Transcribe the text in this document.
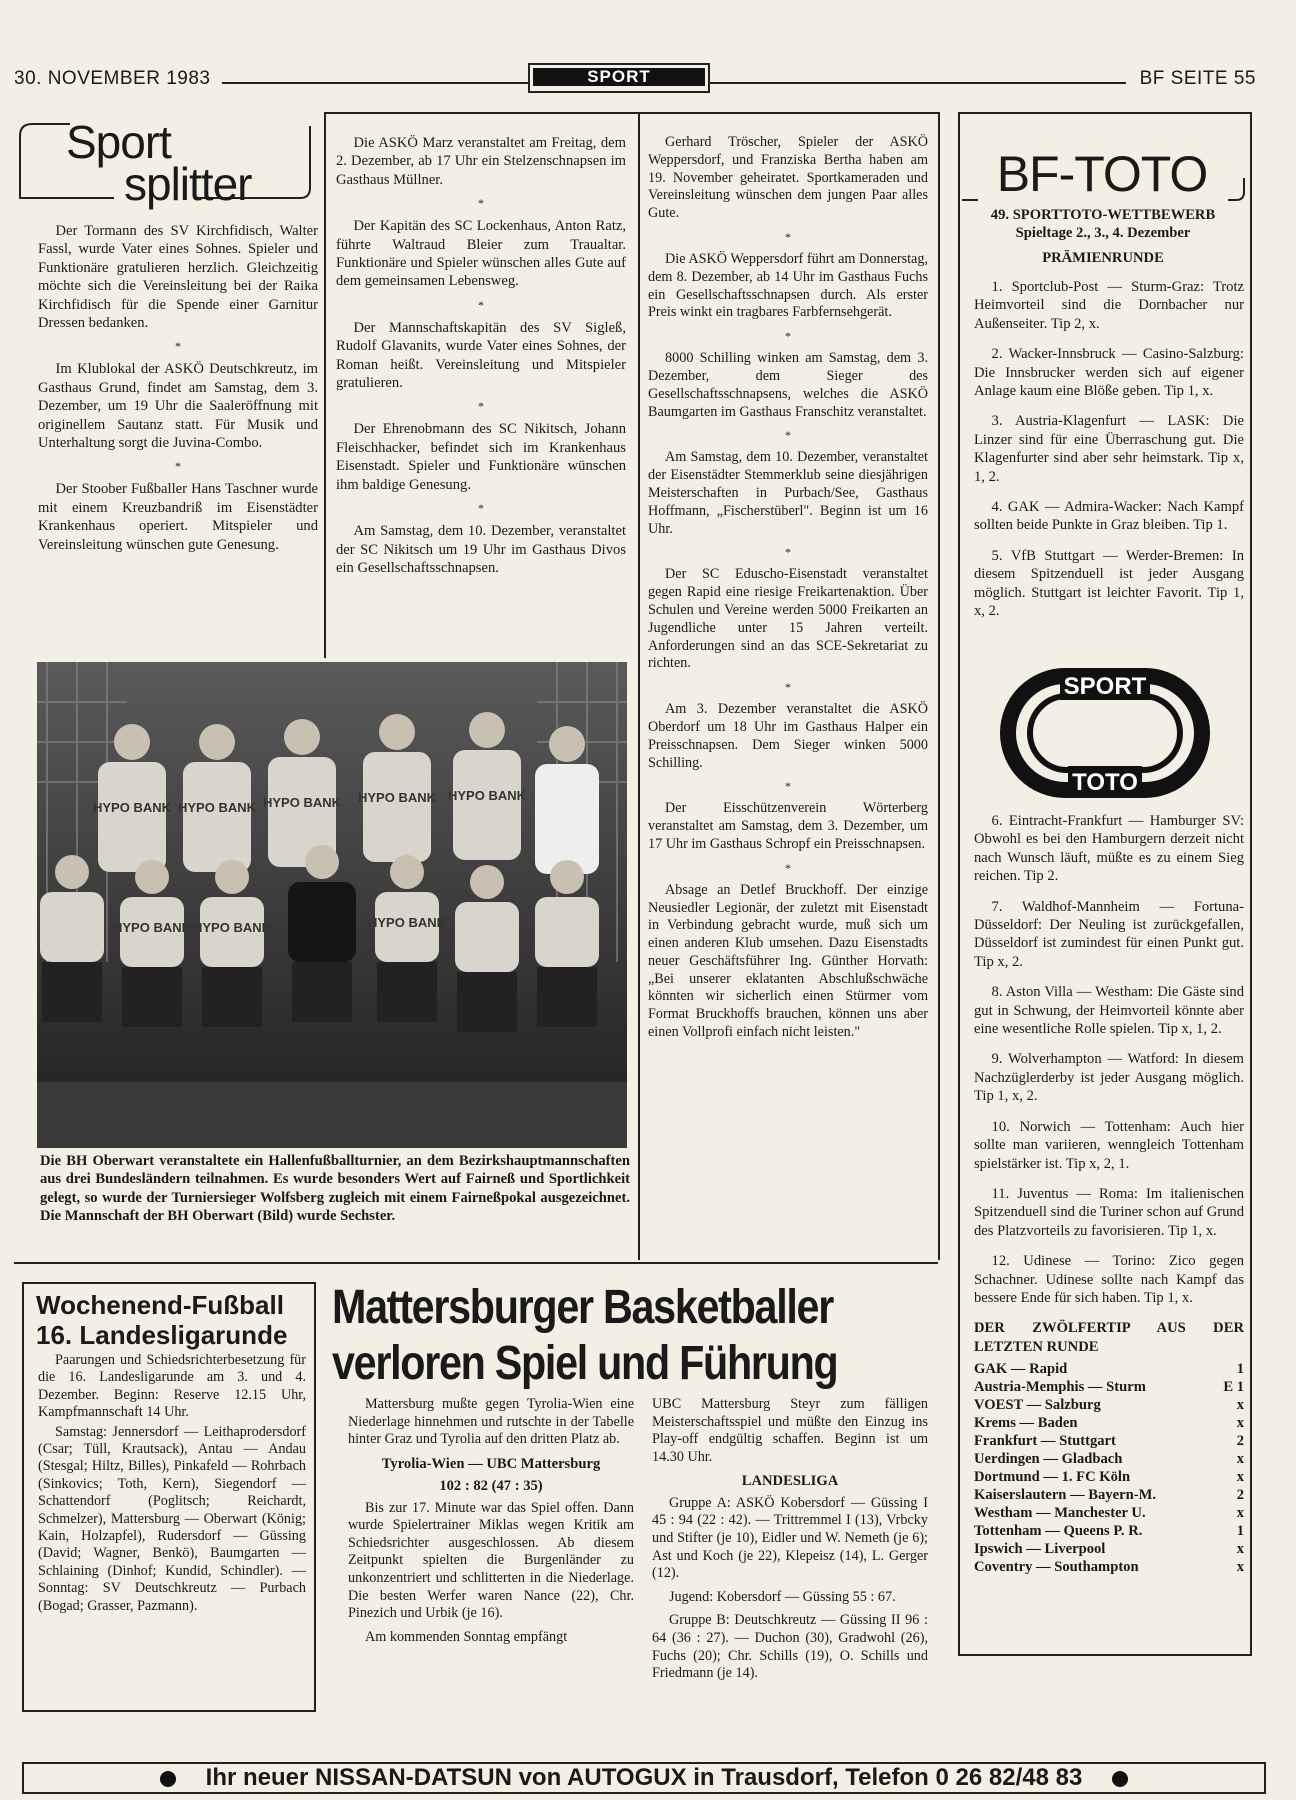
30. NOVEMBER 1983	SPORT	BF SEITE 55
Sport
splitter

Der Tormann des SV Kirchfidisch, Walter Fassl, wurde Vater eines Sohnes. Spieler und Funktionäre gratulieren herzlich. Gleichzeitig möchte sich die Vereinsleitung bei der Raika Kirchfidisch für die Spende einer Garnitur Dressen bedanken.

*

Im Klublokal der ASKÖ Deutschkreutz, im Gasthaus Grund, findet am Samstag, dem 3. Dezember, um 19 Uhr die Saaleröffnung mit originellem Sautanz statt. Für Musik und Unterhaltung sorgt die Juvina-Combo.

*

Der Stoober Fußballer Hans Taschner wurde mit einem Kreuzbandriß im Eisenstädter Krankenhaus operiert. Mitspieler und Vereinsleitung wünschen gute Genesung.

Die ASKÖ Marz veranstaltet am Freitag, dem 2. Dezember, ab 17 Uhr ein Stelzenschnapsen im Gasthaus Müllner.

*

Der Kapitän des SC Lockenhaus, Anton Ratz, führte Waltraud Bleier zum Traualtar. Funktionäre und Spieler wünschen alles Gute auf dem gemeinsamen Lebensweg.

*

Der Mannschaftskapitän des SV Sigleß, Rudolf Glavanits, wurde Vater eines Sohnes, der Roman heißt. Vereinsleitung und Mitspieler gratulieren.

*

Der Ehrenobmann des SC Nikitsch, Johann Fleischhacker, befindet sich im Krankenhaus Eisenstadt. Spieler und Funktionäre wünschen ihm baldige Genesung.

*

Am Samstag, dem 10. Dezember, veranstaltet der SC Nikitsch um 19 Uhr im Gasthaus Divos ein Gesellschaftsschnapsen.

Gerhard Tröscher, Spieler der ASKÖ Weppersdorf, und Franziska Bertha haben am 19. November geheiratet. Sportkameraden und Vereinsleitung wünschen dem jungen Paar alles Gute.

*

Die ASKÖ Weppersdorf führt am Donnerstag, dem 8. Dezember, ab 14 Uhr im Gasthaus Fuchs ein Gesellschaftsschnapsen durch. Als erster Preis winkt ein tragbares Farbfernsehgerät.

*

8000 Schilling winken am Samstag, dem 3. Dezember, dem Sieger des Gesellschaftsschnapsens, welches die ASKÖ Baumgarten im Gasthaus Franschitz veranstaltet.

*

Am Samstag, dem 10. Dezember, veranstaltet der Eisenstädter Stemmerklub seine diesjährigen Meisterschaften in Purbach/See, Gasthaus Hoffmann, „Fischerstüberl". Beginn ist um 16 Uhr.

*

Der SC Eduscho-Eisenstadt veranstaltet gegen Rapid eine riesige Freikartenaktion. Über Schulen und Vereine werden 5000 Freikarten an Jugendliche unter 15 Jahren verteilt. Anforderungen sind an das SCE-Sekretariat zu richten.

*

Am 3. Dezember veranstaltet die ASKÖ Oberdorf um 18 Uhr im Gasthaus Halper ein Preisschnapsen. Dem Sieger winken 5000 Schilling.

*

Der Eisschützenverein Wörterberg veranstaltet am Samstag, dem 3. Dezember, um 17 Uhr im Gasthaus Schropf ein Preisschnapsen.

*

Absage an Detlef Bruckhoff. Der einzige Neusiedler Legionär, der zuletzt mit Eisenstadt in Verbindung gebracht wurde, muß sich um einen anderen Klub umsehen. Dazu Eisenstadts neuer Geschäftsführer Ing. Günther Horvath: „Bei unserer eklatanten Abschlußschwäche könnten wir sicherlich einen Stürmer vom Format Bruckhoffs brauchen, können uns aber einen Vollprofi einfach nicht leisten."

HYPO BANK HYPO BANK HYPO BANK HYPO BANK HYPO BANK
HYPO BANK HYPO BANK	HYPO BANK
Die BH Oberwart veranstaltete ein Hallenfußballturnier, an dem Bezirkshauptmannschaften aus drei Bundesländern teilnahmen. Es wurde besonders Wert auf Fairneß und Sportlichkeit gelegt, so wurde der Turniersieger Wolfsberg zugleich mit einem Fairneßpokal ausgezeichnet. Die Mannschaft der BH Oberwart (Bild) wurde Sechster.
BF-TOTO
49. SPORTTOTO-WETTBEWERB
Spieltage 2., 3., 4. Dezember
PRÄMIENRUNDE

1. Sportclub-Post — Sturm-Graz: Trotz Heimvorteil sind die Dornbacher nur Außenseiter. Tip 2, x.

2. Wacker-Innsbruck — Casino-Salzburg: Die Innsbrucker werden sich auf eigener Anlage kaum eine Blöße geben. Tip 1, x.

3. Austria-Klagenfurt — LASK: Die Linzer sind für eine Überraschung gut. Die Klagenfurter sind aber sehr heimstark. Tip x, 1, 2.

4. GAK — Admira-Wacker: Nach Kampf sollten beide Punkte in Graz bleiben. Tip 1.

5. VfB Stuttgart — Werder-Bremen: In diesem Spitzenduell ist jeder Ausgang möglich. Stuttgart ist leichter Favorit. Tip 1, x, 2.

SPORT
TOTO

6. Eintracht-Frankfurt — Hamburger SV: Obwohl es bei den Hamburgern derzeit nicht nach Wunsch läuft, müßte es zu einem Sieg reichen. Tip 2.

7. Waldhof-Mannheim — Fortuna-Düsseldorf: Der Neuling ist zurückgefallen, Düsseldorf ist zumindest für einen Punkt gut. Tip x, 2.

8. Aston Villa — Westham: Die Gäste sind gut in Schwung, der Heimvorteil könnte aber eine wesentliche Rolle spielen. Tip x, 1, 2.

9. Wolverhampton — Watford: In diesem Nachzüglerderby ist jeder Ausgang möglich. Tip 1, x, 2.

10. Norwich — Tottenham: Auch hier sollte man variieren, wenngleich Tottenham spielstärker ist. Tip x, 2, 1.

11. Juventus — Roma: Im italienischen Spitzenduell sind die Turiner schon auf Grund des Platzvorteils zu favorisieren. Tip 1, x.

12. Udinese — Torino: Zico gegen Schachner. Udinese sollte nach Kampf das bessere Ende für sich haben. Tip 1, x.

DER ZWÖLFERTIP AUS DER LETZTEN RUNDE
GAK — Rapid	1
Austria-Memphis — Sturm	E 1
VOEST — Salzburg	x
Krems — Baden	x
Frankfurt — Stuttgart	2
Uerdingen — Gladbach	x
Dortmund — 1. FC Köln	x
Kaiserslautern — Bayern-M.	2
Westham — Manchester U.	x
Tottenham — Queens P. R.	1
Ipswich — Liverpool	x
Coventry — Southampton	x
Wochenend-Fußball
16. Landesligarunde

Paarungen und Schiedsrichterbesetzung für die 16. Landesligarunde am 3. und 4. Dezember. Beginn: Reserve 12.15 Uhr, Kampfmannschaft 14 Uhr.

Samstag: Jennersdorf — Leithaprodersdorf (Csar; Tüll, Krautsack), Antau — Andau (Stesgal; Hiltz, Billes), Pinkafeld — Rohrbach (Sinkovics; Toth, Kern), Siegendorf — Schattendorf (Poglitsch; Reichardt, Schmelzer), Mattersburg — Oberwart (König; Kain, Holzapfel), Rudersdorf — Güssing (David; Wagner, Benkö), Baumgarten — Schlaining (Dinhof; Kundid, Schindler). — Sonntag: SV Deutschkreutz — Purbach (Bogad; Grasser, Pazmann).

Mattersburger Basketballer
verloren Spiel und Führung

Mattersburg mußte gegen Tyrolia-Wien eine Niederlage hinnehmen und rutschte in der Tabelle hinter Graz und Tyrolia auf den dritten Platz ab.

Tyrolia-Wien — UBC Mattersburg
102 : 82 (47 : 35)

Bis zur 17. Minute war das Spiel offen. Dann wurde Spielertrainer Miklas wegen Kritik am Schiedsrichter ausgeschlossen. Ab diesem Zeitpunkt spielten die Burgenländer zu unkonzentriert und schlitterten in die Niederlage. Die besten Werfer waren Nance (22), Chr. Pinezich und Urbik (je 16).

Am kommenden Sonntag empfängt

UBC Mattersburg Steyr zum fälligen Meisterschaftsspiel und müßte den Einzug ins Play-off endgültig schaffen. Beginn ist um 14.30 Uhr.

LANDESLIGA

Gruppe A: ASKÖ Kobersdorf — Güssing I 45 : 94 (22 : 42). — Trittremmel I (13), Vrbcky und Stifter (je 10), Eidler und W. Nemeth (je 6); Ast und Koch (je 22), Klepeisz (14), L. Gerger (12).

Jugend: Kobersdorf — Güssing 55 : 67.

Gruppe B: Deutschkreutz — Güssing II 96 : 64 (36 : 27). — Duchon (30), Gradwohl (26), Fuchs (20); Chr. Schills (19), O. Schills und Friedmann (je 14).

Ihr neuer NISSAN-DATSUN von AUTOGUX in Trausdorf, Telefon 0 26 82/48 83
